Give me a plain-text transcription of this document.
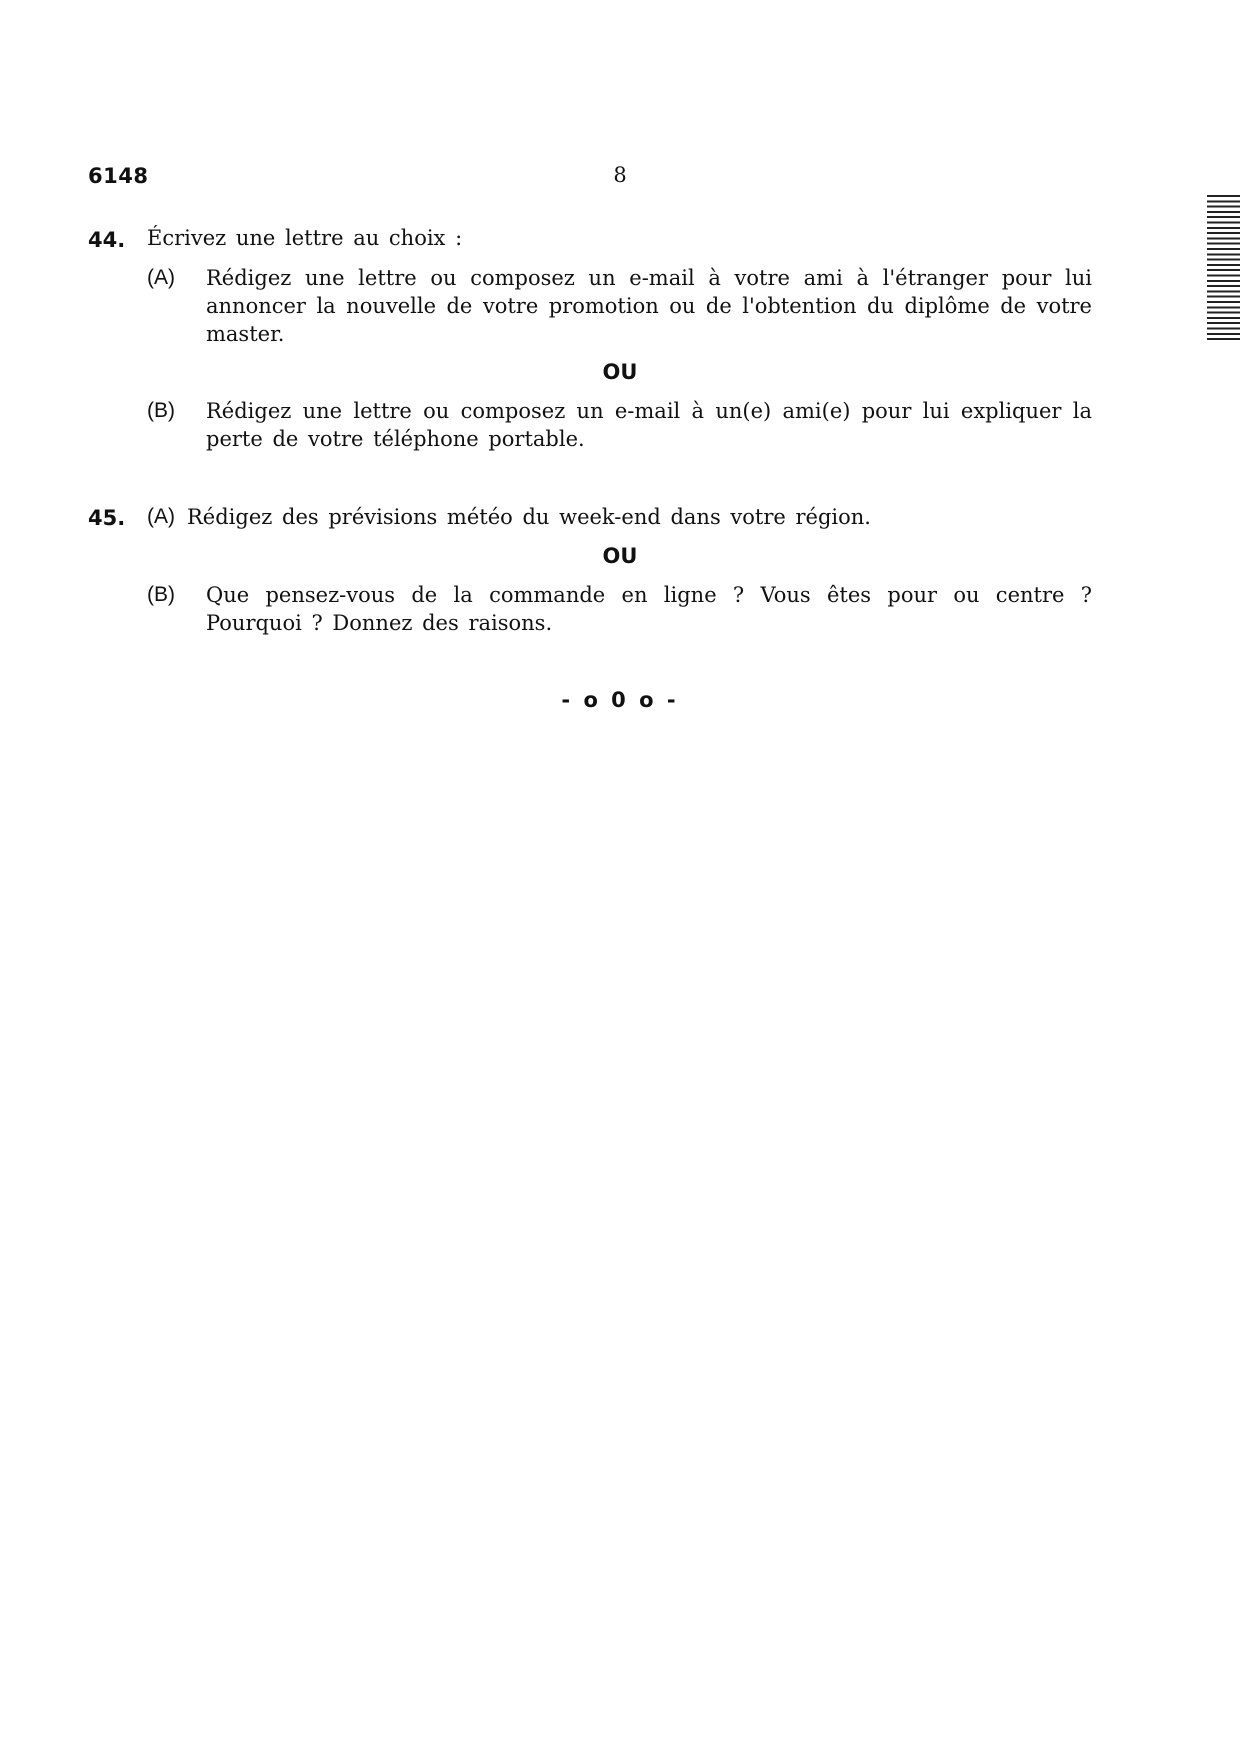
6148	8
44. Écrivez une lettre au choix :
(A) Rédigez une lettre ou composez un e-mail à votre ami à l'étranger pour lui annoncer la nouvelle de votre promotion ou de l'obtention du diplôme de votre master.
OU
(B) Rédigez une lettre ou composez un e-mail à un(e) ami(e) pour lui expliquer la perte de votre téléphone portable.
45. (A) Rédigez des prévisions météo du week-end dans votre région.
OU
(B) Que pensez-vous de la commande en ligne ? Vous êtes pour ou centre ? Pourquoi ? Donnez des raisons.
- o 0 o -
